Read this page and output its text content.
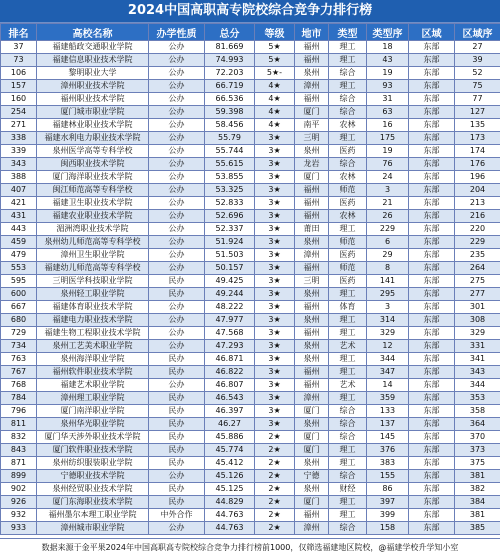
2024中国高职高专院校综合竞争力排行榜
排名	高校名称	办学性质	总分	等级	地市	类型	类型序	区域	区域序
37	福建船政交通职业学院	公办	81.669	5★	福州	理工	18	东部	27
73	福建信息职业技术学院	公办	74.993	5★	福州	理工	43	东部	39
106	黎明职业大学	公办	72.203	5★-	泉州	综合	19	东部	52
157	漳州职业技术学院	公办	66.719	4★	漳州	理工	93	东部	75
160	福州职业技术学院	公办	66.536	4★	福州	综合	31	东部	77
254	厦门城市职业学院	公办	59.398	4★	厦门	综合	63	东部	127
271	福建林业职业技术学院	公办	58.456	4★	南平	农林	16	东部	135
338	福建水利电力职业技术学院	公办	55.79	3★	三明	理工	175	东部	173
339	泉州医学高等专科学校	公办	55.744	3★	泉州	医药	19	东部	174
343	闽西职业技术学院	公办	55.615	3★	龙岩	综合	76	东部	176
388	厦门海洋职业技术学院	公办	53.855	3★	厦门	农林	24	东部	196
407	闽江师范高等专科学校	公办	53.325	3★	福州	师范	3	东部	204
421	福建卫生职业技术学院	公办	52.833	3★	福州	医药	21	东部	213
431	福建农业职业技术学院	公办	52.696	3★	福州	农林	26	东部	216
443	湄洲湾职业技术学院	公办	52.337	3★	莆田	理工	229	东部	220
459	泉州幼儿师范高等专科学校	公办	51.924	3★	泉州	师范	6	东部	229
479	漳州卫生职业学院	公办	51.503	3★	漳州	医药	29	东部	235
553	福建幼儿师范高等专科学校	公办	50.157	3★	福州	师范	8	东部	264
595	三明医学科技职业学院	民办	49.425	3★	三明	医药	141	东部	275
600	泉州轻工职业学院	民办	49.244	3★	泉州	理工	295	东部	277
667	福建体育职业技术学院	公办	48.222	3★	福州	体育	3	东部	301
680	福建电力职业技术学院	公办	47.977	3★	泉州	理工	314	东部	308
729	福建生物工程职业技术学院	公办	47.568	3★	福州	理工	329	东部	329
734	泉州工艺美术职业学院	公办	47.293	3★	泉州	艺术	12	东部	331
763	泉州海洋职业学院	民办	46.871	3★	泉州	理工	344	东部	341
767	福州软件职业技术学院	民办	46.822	3★	福州	理工	347	东部	343
768	福建艺术职业学院	公办	46.807	3★	福州	艺术	14	东部	344
784	漳州理工职业学院	民办	46.543	3★	漳州	理工	359	东部	353
796	厦门南洋职业学院	民办	46.397	3★	厦门	综合	133	东部	358
811	泉州华光职业学院	民办	46.27	3★	泉州	综合	137	东部	364
832	厦门华天涉外职业技术学院	民办	45.886	2★	厦门	综合	145	东部	370
843	厦门软件职业技术学院	民办	45.774	2★	厦门	理工	376	东部	373
871	泉州纺织服装职业学院	民办	45.412	2★	泉州	理工	383	东部	375
899	宁德职业技术学院	公办	45.126	2★	宁德	综合	155	东部	381
902	泉州经贸职业技术学院	民办	45.125	2★	泉州	财经	86	东部	382
926	厦门东海职业技术学院	民办	44.829	2★	厦门	理工	397	东部	384
932	福州墨尔本理工职业学院	中外合作	44.763	2★	福州	理工	399	东部	381
933	漳州城市职业学院	公办	44.763	2★	漳州	综合	158	东部	385
数据来源于金平果2024年中国高职高专院校综合竞争力排行榜前1000，仅筛选福建地区院校，@福建学校升学知小室
